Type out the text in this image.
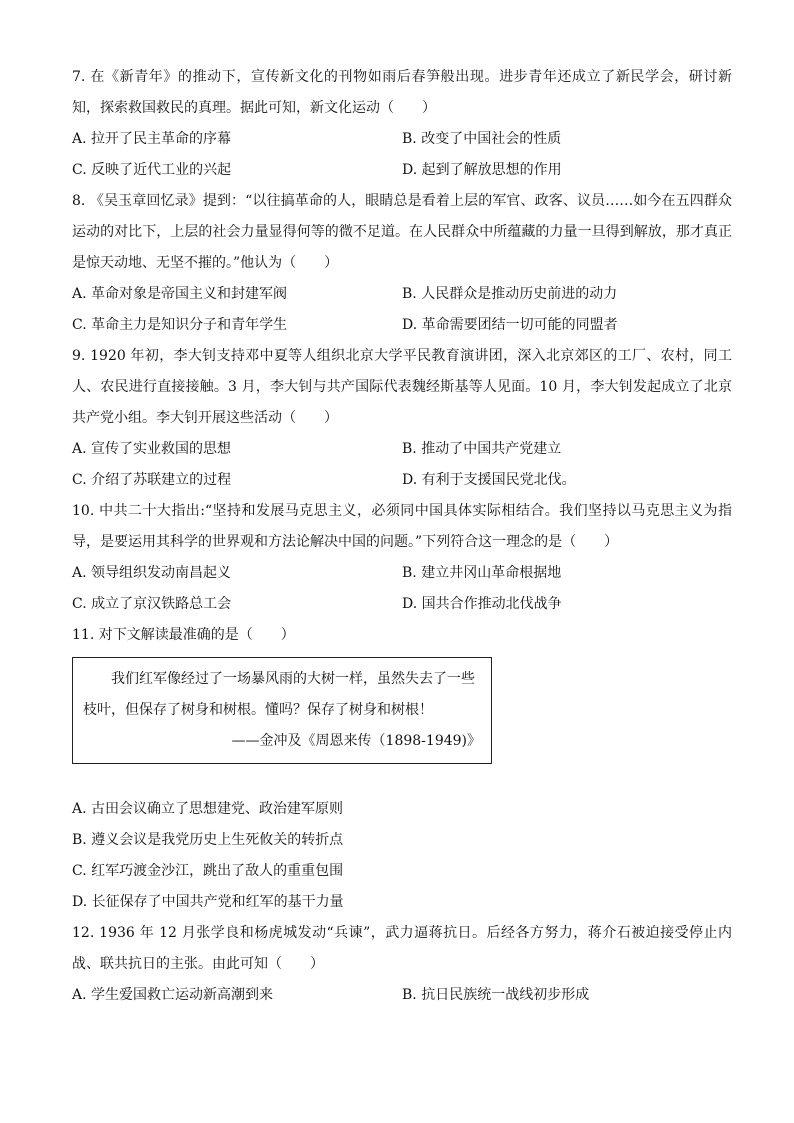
7. 在《新青年》的推动下，宣传新文化的刊物如雨后春笋般出现。进步青年还成立了新民学会，研讨新知，探索救国救民的真理。据此可知，新文化运动（　　）
A. 拉开了民主革命的序幕	B. 改变了中国社会的性质
C. 反映了近代工业的兴起	D. 起到了解放思想的作用
8. 《吴玉章回忆录》提到：“以往搞革命的人，眼睛总是看着上层的军官、政客、议员……如今在五四群众运动的对比下，上层的社会力量显得何等的微不足道。在人民群众中所蕴藏的力量一旦得到解放，那才真正是惊天动地、无坚不摧的。”他认为（　　）
A. 革命对象是帝国主义和封建军阀	B. 人民群众是推动历史前进的动力
C. 革命主力是知识分子和青年学生	D. 革命需要团结一切可能的同盟者
9. 1920 年初，李大钊支持邓中夏等人组织北京大学平民教育演讲团，深入北京郊区的工厂、农村，同工人、农民进行直接接触。3 月，李大钊与共产国际代表魏经斯基等人见面。10 月，李大钊发起成立了北京共产党小组。李大钊开展这些活动（　　）
A. 宣传了实业救国的思想	B. 推动了中国共产党建立
C. 介绍了苏联建立的过程	D. 有利于支援国民党北伐。
10. 中共二十大指出:“坚持和发展马克思主义，必须同中国具体实际相结合。我们坚持以马克思主义为指导，是要运用其科学的世界观和方法论解决中国的问题。”下列符合这一理念的是（　　）
A. 领导组织发动南昌起义	B. 建立井冈山革命根据地
C. 成立了京汉铁路总工会	D. 国共合作推动北伐战争
11. 对下文解读最准确的是（　　）

我们红军像经过了一场暴风雨的大树一样，虽然失去了一些枝叶，但保存了树身和树根。懂吗？保存了树身和树根！

——金冲及《周恩来传（1898-1949)》

A. 古田会议确立了思想建党、政治建军原则
B. 遵义会议是我党历史上生死攸关的转折点
C. 红军巧渡金沙江，跳出了敌人的重重包围
D. 长征保存了中国共产党和红军的基干力量
12. 1936 年 12 月张学良和杨虎城发动“兵谏”，武力逼蒋抗日。后经各方努力，蒋介石被迫接受停止内战、联共抗日的主张。由此可知（　　）
A. 学生爱国救亡运动新高潮到来	B. 抗日民族统一战线初步形成
